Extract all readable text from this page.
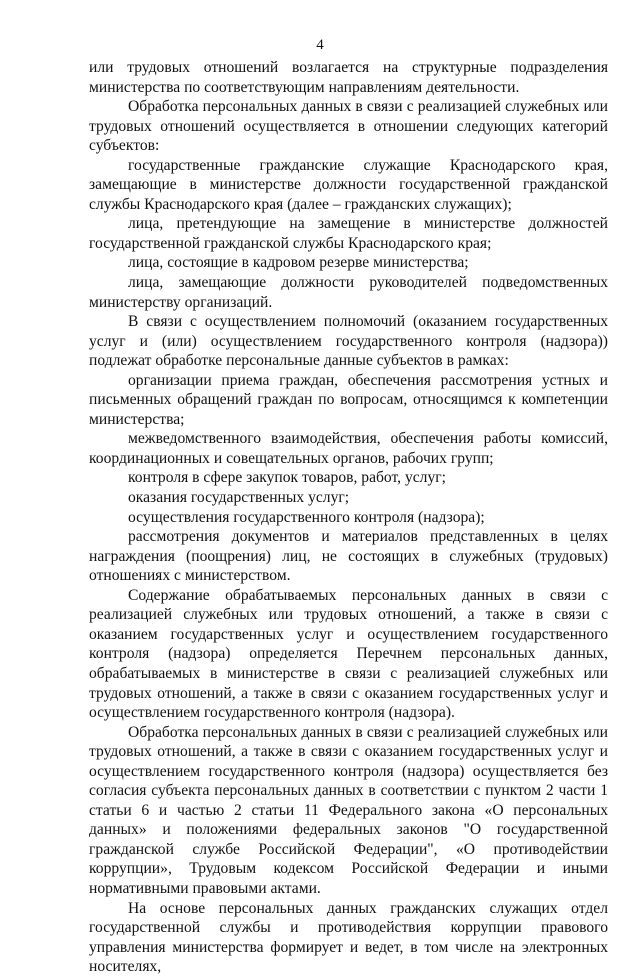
4

или трудовых отношений возлагается на структурные подразделения министерства по соответствующим направлениям деятельности.

Обработка персональных данных в связи с реализацией служебных или трудовых отношений осуществляется в отношении следующих категорий субъектов:

государственные гражданские служащие Краснодарского края, замещающие в министерстве должности государственной гражданской службы Краснодарского края (далее – гражданских служащих);

лица, претендующие на замещение в министерстве должностей государственной гражданской службы Краснодарского края;

лица, состоящие в кадровом резерве министерства;

лица, замещающие должности руководителей подведомственных министерству организаций.

В связи с осуществлением полномочий (оказанием государственных услуг и (или) осуществлением государственного контроля (надзора)) подлежат обработке персональные данные субъектов в рамках:

организации приема граждан, обеспечения рассмотрения устных и письменных обращений граждан по вопросам, относящимся к компетенции министерства;

межведомственного взаимодействия, обеспечения работы комиссий, координационных и совещательных органов, рабочих групп;

контроля в сфере закупок товаров, работ, услуг;

оказания государственных услуг;

осуществления государственного контроля (надзора);

рассмотрения документов и материалов представленных в целях награждения (поощрения) лиц, не состоящих в служебных (трудовых) отношениях с министерством.

Содержание обрабатываемых персональных данных в связи с реализацией служебных или трудовых отношений, а также в связи с оказанием государственных услуг и осуществлением государственного контроля (надзора) определяется Перечнем персональных данных, обрабатываемых в министерстве в связи с реализацией служебных или трудовых отношений, а также в связи с оказанием государственных услуг и осуществлением государственного контроля (надзора).

Обработка персональных данных в связи с реализацией служебных или трудовых отношений, а также в связи с оказанием государственных услуг и осуществлением государственного контроля (надзора) осуществляется без согласия субъекта персональных данных в соответствии с пунктом 2 части 1 статьи 6 и частью 2 статьи 11 Федерального закона «О персональных данных» и положениями федеральных законов "О государственной гражданской службе Российской Федерации", «О противодействии коррупции», Трудовым кодексом Российской Федерации и иными нормативными правовыми актами.

На основе персональных данных гражданских служащих отдел государственной службы и противодействия коррупции правового управления министерства формирует и ведет, в том числе на электронных носителях,
